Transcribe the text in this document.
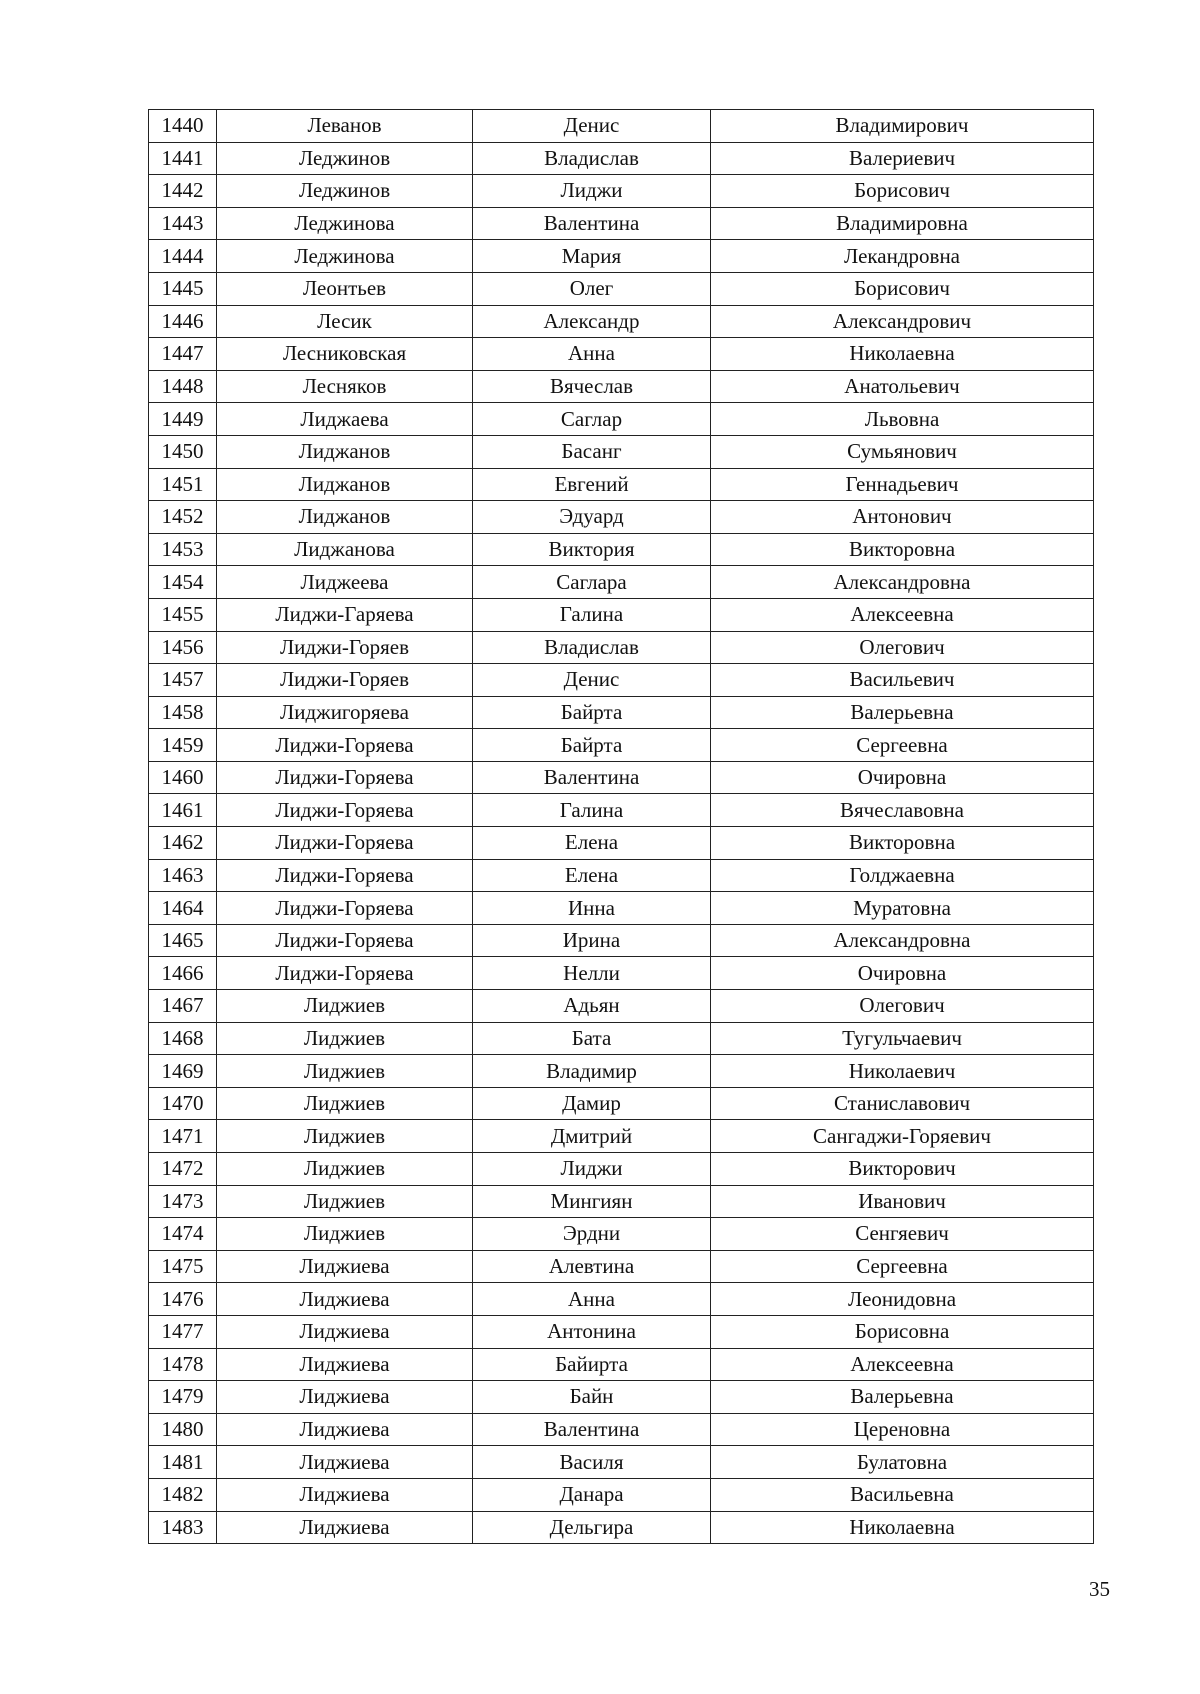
1440	Леванов	Денис	Владимирович
1441	Леджинов	Владислав	Валериевич
1442	Леджинов	Лиджи	Борисович
1443	Леджинова	Валентина	Владимировна
1444	Леджинова	Мария	Лекандровна
1445	Леонтьев	Олег	Борисович
1446	Лесик	Александр	Александрович
1447	Лесниковская	Анна	Николаевна
1448	Лесняков	Вячеслав	Анатольевич
1449	Лиджаева	Саглар	Львовна
1450	Лиджанов	Басанг	Сумьянович
1451	Лиджанов	Евгений	Геннадьевич
1452	Лиджанов	Эдуард	Антонович
1453	Лиджанова	Виктория	Викторовна
1454	Лиджеева	Саглара	Александровна
1455	Лиджи-Гаряева	Галина	Алексеевна
1456	Лиджи-Горяев	Владислав	Олегович
1457	Лиджи-Горяев	Денис	Васильевич
1458	Лиджигоряева	Байрта	Валерьевна
1459	Лиджи-Горяева	Байрта	Сергеевна
1460	Лиджи-Горяева	Валентина	Очировна
1461	Лиджи-Горяева	Галина	Вячеславовна
1462	Лиджи-Горяева	Елена	Викторовна
1463	Лиджи-Горяева	Елена	Голджаевна
1464	Лиджи-Горяева	Инна	Муратовна
1465	Лиджи-Горяева	Ирина	Александровна
1466	Лиджи-Горяева	Нелли	Очировна
1467	Лиджиев	Адьян	Олегович
1468	Лиджиев	Бата	Тугульчаевич
1469	Лиджиев	Владимир	Николаевич
1470	Лиджиев	Дамир	Станиславович
1471	Лиджиев	Дмитрий	Сангаджи-Горяевич
1472	Лиджиев	Лиджи	Викторович
1473	Лиджиев	Мингиян	Иванович
1474	Лиджиев	Эрдни	Сенгяевич
1475	Лиджиева	Алевтина	Сергеевна
1476	Лиджиева	Анна	Леонидовна
1477	Лиджиева	Антонина	Борисовна
1478	Лиджиева	Байирта	Алексеевна
1479	Лиджиева	Байн	Валерьевна
1480	Лиджиева	Валентина	Цереновна
1481	Лиджиева	Василя	Булатовна
1482	Лиджиева	Данара	Васильевна
1483	Лиджиева	Дельгира	Николаевна
35
